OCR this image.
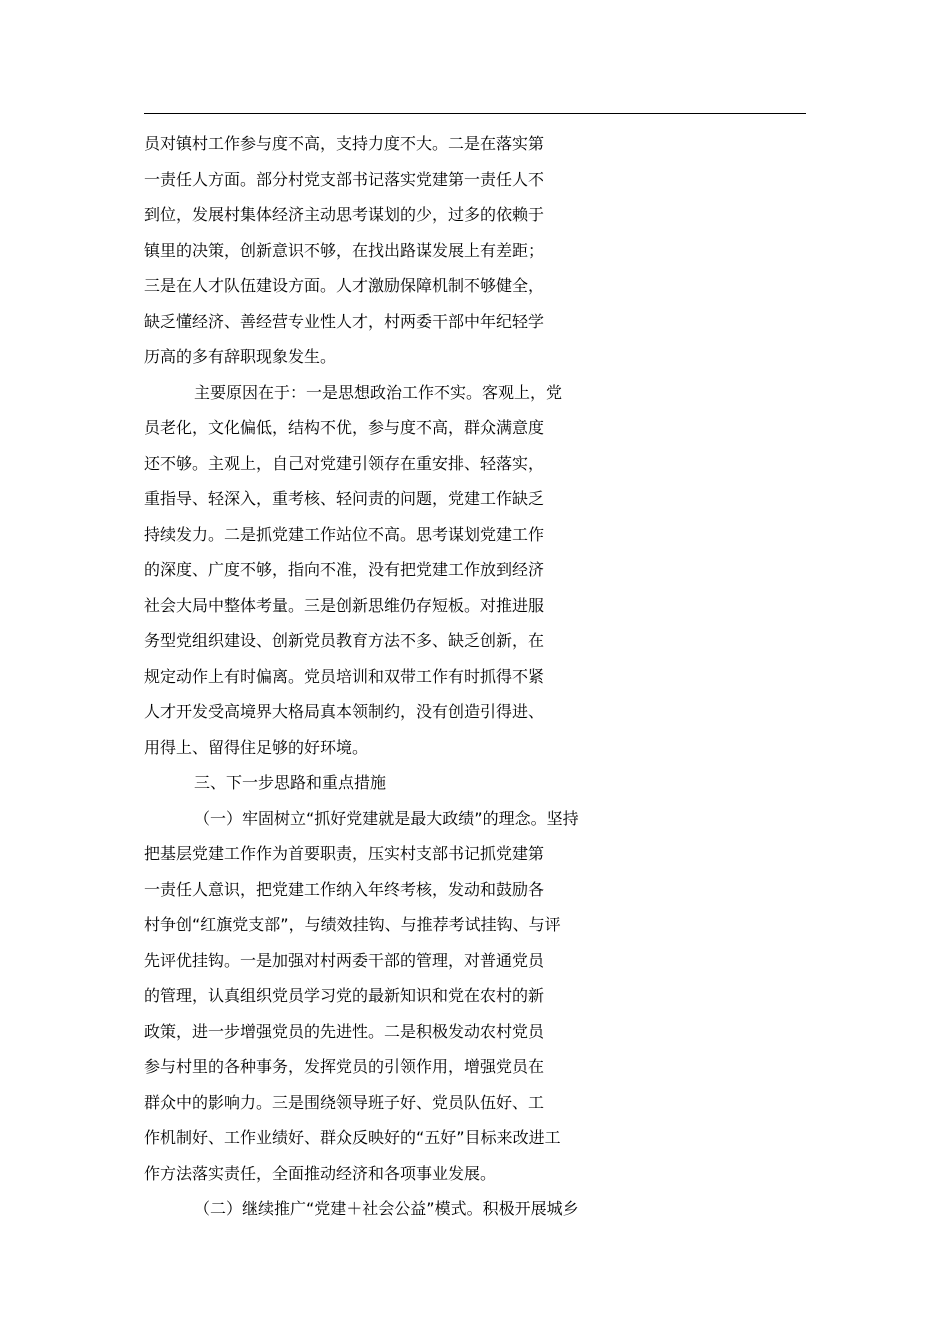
员对镇村工作参与度不高，支持力度不大。二是在落实第
一责任人方面。部分村党支部书记落实党建第一责任人不
到位，发展村集体经济主动思考谋划的少，过多的依赖于
镇里的决策，创新意识不够，在找出路谋发展上有差距；
三是在人才队伍建设方面。人才激励保障机制不够健全，
缺乏懂经济、善经营专业性人才，村两委干部中年纪轻学
历高的多有辞职现象发生。
主要原因在于：一是思想政治工作不实。客观上，党
员老化，文化偏低，结构不优，参与度不高，群众满意度
还不够。主观上，自己对党建引领存在重安排、轻落实，
重指导、轻深入，重考核、轻问责的问题，党建工作缺乏
持续发力。二是抓党建工作站位不高。思考谋划党建工作
的深度、广度不够，指向不准，没有把党建工作放到经济
社会大局中整体考量。三是创新思维仍存短板。对推进服
务型党组织建设、创新党员教育方法不多、缺乏创新，在
规定动作上有时偏离。党员培训和双带工作有时抓得不紧
人才开发受高境界大格局真本领制约，没有创造引得进、
用得上、留得住足够的好环境。
三、下一步思路和重点措施
（一）牢固树立“抓好党建就是最大政绩”的理念。坚持
把基层党建工作作为首要职责，压实村支部书记抓党建第
一责任人意识，把党建工作纳入年终考核，发动和鼓励各
村争创“红旗党支部”，与绩效挂钩、与推荐考试挂钩、与评
先评优挂钩。一是加强对村两委干部的管理，对普通党员
的管理，认真组织党员学习党的最新知识和党在农村的新
政策，进一步增强党员的先进性。二是积极发动农村党员
参与村里的各种事务，发挥党员的引领作用，增强党员在
群众中的影响力。三是围绕领导班子好、党员队伍好、工
作机制好、工作业绩好、群众反映好的“五好”目标来改进工
作方法落实责任，全面推动经济和各项事业发展。
（二）继续推广“党建＋社会公益”模式。积极开展城乡
